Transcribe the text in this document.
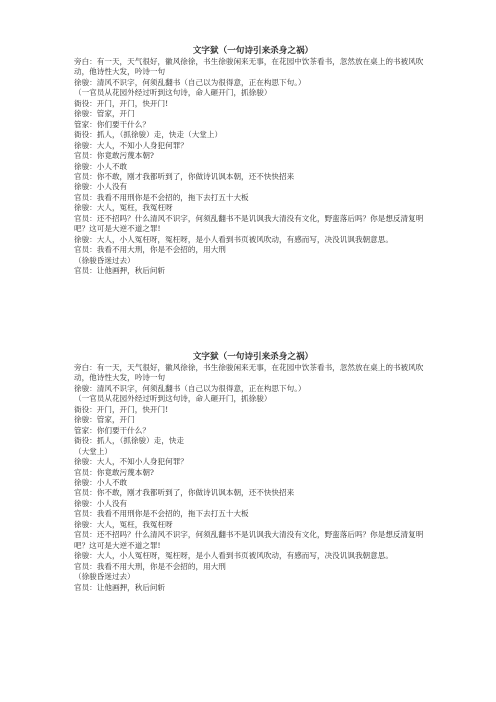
文字狱（一句诗引来杀身之祸）

旁白：有一天，天气很好，徽风徐徐，书生徐骏闲来无事，在花园中饮茶看书，忽然放在桌上的书被风吹动，他诗性大发，吟诗一句

徐骏：清风不识字，何须乱翻书（自己以为很得意，正在构思下句。）

（一官员从花园外经过听到这句诗，命人砸开门，抓徐骏）

衙役：开门，开门，快开门!

徐骏：管家，开门

管家：你们要干什么？

衙役：抓人，（抓徐骏）走，快走（大堂上）

徐骏：大人，不知小人身犯何罪？

官员：你竟敢污蔑本朝?

徐骏：小人不敢

官员：你不敢，刚才我都听到了，你做诗讥讽本朝，还不快快招来

徐骏：小人没有

官员：我看不用刑你是不会招的，拖下去打五十大板

徐骏：大人，冤枉，我冤枉呀

官员：还不招吗？什么清风不识字，何须乱翻书不是讥讽我大清没有文化，野蛮落后吗？你是想反清复明吧？这可是大逆不道之罪!

徐骏：大人，小人冤枉呀，冤枉呀，是小人看到书页被风吹动，有感而写，决没讥讽我朝意思。

官员：我看不用大刑，你是不会招的，用大刑

（徐骏昏迷过去）

官员：让他画押，秋后问斩

文字狱（一句诗引来杀身之祸）

旁白：有一天，天气很好，徽风徐徐，书生徐骏闲来无事，在花园中饮茶看书，忽然放在桌上的书被风吹动，他诗性大发，吟诗一句

徐骏：清风不识字，何须乱翻书（自己以为很得意，正在构思下句。）

（一官员从花园外经过听到这句诗，命人砸开门，抓徐骏）

衙役：开门，开门，快开门!

徐骏：管家，开门

管家：你们要干什么？

衙役：抓人，（抓徐骏）走，快走

（大堂上）

徐骏：大人，不知小人身犯何罪？

官员：你竟敢污蔑本朝?

徐骏：小人不敢

官员：你不敢，刚才我都听到了，你做诗讥讽本朝，还不快快招来

徐骏：小人没有

官员：我看不用刑你是不会招的，拖下去打五十大板

徐骏：大人，冤枉，我冤枉呀

官员：还不招吗？什么清风不识字，何须乱翻书不是讥讽我大清没有文化，野蛮落后吗？你是想反清复明吧？这可是大逆不道之罪!

徐骏：大人，小人冤枉呀，冤枉呀，是小人看到书页被风吹动，有感而写，决没讥讽我朝意思。

官员：我看不用大刑，你是不会招的，用大刑

（徐骏昏迷过去）

官员：让他画押，秋后问斩
